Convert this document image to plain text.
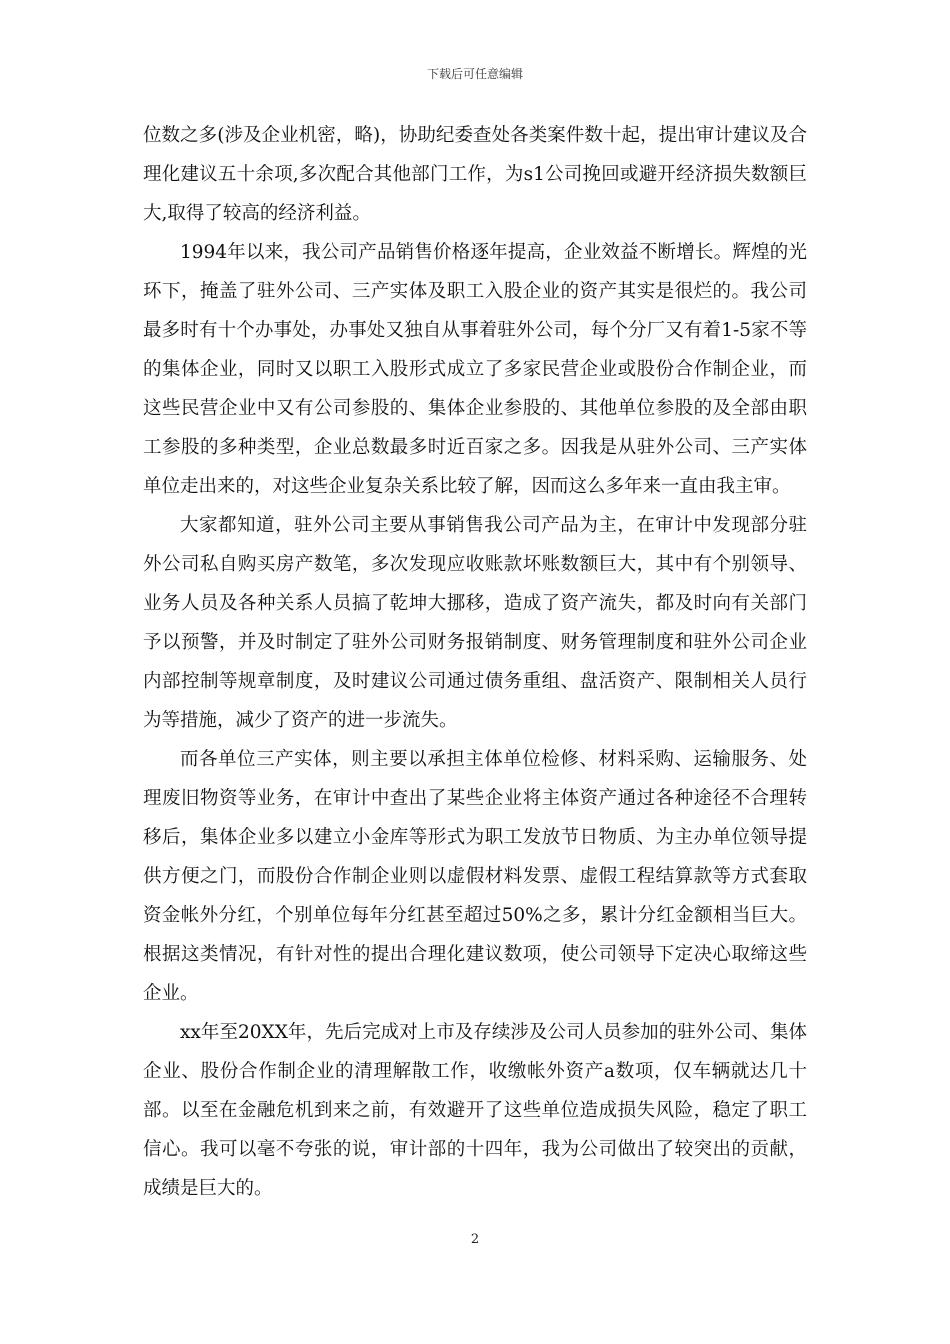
下载后可任意编辑

位数之多(涉及企业机密，略)，协助纪委查处各类案件数十起，提出审计建议及合理化建议五十余项,多次配合其他部门工作，为s1公司挽回或避开经济损失数额巨大,取得了较高的经济利益。

1994年以来，我公司产品销售价格逐年提高，企业效益不断增长。辉煌的光环下，掩盖了驻外公司、三产实体及职工入股企业的资产其实是很烂的。我公司最多时有十个办事处，办事处又独自从事着驻外公司，每个分厂又有着1-5家不等的集体企业，同时又以职工入股形式成立了多家民营企业或股份合作制企业，而这些民营企业中又有公司参股的、集体企业参股的、其他单位参股的及全部由职工参股的多种类型，企业总数最多时近百家之多。因我是从驻外公司、三产实体单位走出来的，对这些企业复杂关系比较了解，因而这么多年来一直由我主审。

大家都知道，驻外公司主要从事销售我公司产品为主，在审计中发现部分驻外公司私自购买房产数笔，多次发现应收账款坏账数额巨大，其中有个别领导、业务人员及各种关系人员搞了乾坤大挪移，造成了资产流失，都及时向有关部门予以预警，并及时制定了驻外公司财务报销制度、财务管理制度和驻外公司企业内部控制等规章制度，及时建议公司通过债务重组、盘活资产、限制相关人员行为等措施，减少了资产的进一步流失。

而各单位三产实体，则主要以承担主体单位检修、材料采购、运输服务、处理废旧物资等业务，在审计中查出了某些企业将主体资产通过各种途径不合理转移后，集体企业多以建立小金库等形式为职工发放节日物质、为主办单位领导提供方便之门，而股份合作制企业则以虚假材料发票、虚假工程结算款等方式套取资金帐外分红，个别单位每年分红甚至超过50%之多，累计分红金额相当巨大。根据这类情况，有针对性的提出合理化建议数项，使公司领导下定决心取缔这些企业。

xx年至20XX年，先后完成对上市及存续涉及公司人员参加的驻外公司、集体企业、股份合作制企业的清理解散工作，收缴帐外资产a数项，仅车辆就达几十部。以至在金融危机到来之前，有效避开了这些单位造成损失风险，稳定了职工信心。我可以毫不夸张的说，审计部的十四年，我为公司做出了较突出的贡献，成绩是巨大的。

2
